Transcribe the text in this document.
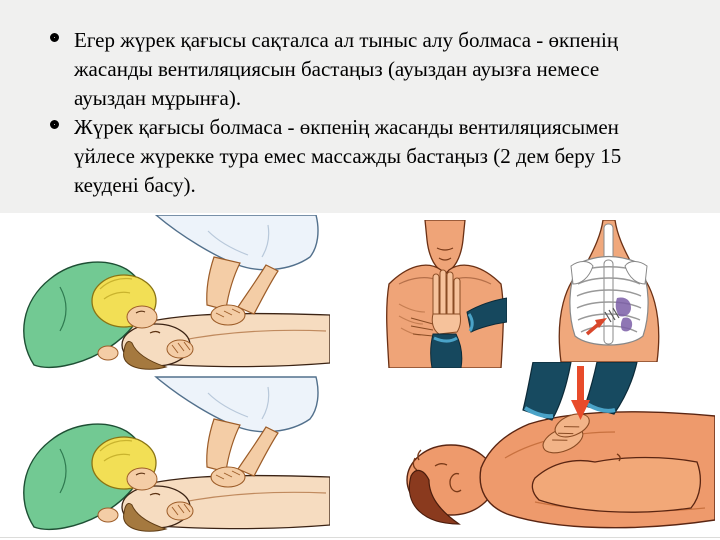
Егер жүрек қағысы сақталса ал тыныс алу болмаса - өкпенің жасанды вентиляциясын бастаңыз (ауыздан ауызға немесе ауыздан мұрынға).
Жүрек қағысы болмаса - өкпенің жасанды вентиляциясымен үйлесе жүрекке тура емес массажды бастаңыз (2 дем беру 15 кеудені басу).
